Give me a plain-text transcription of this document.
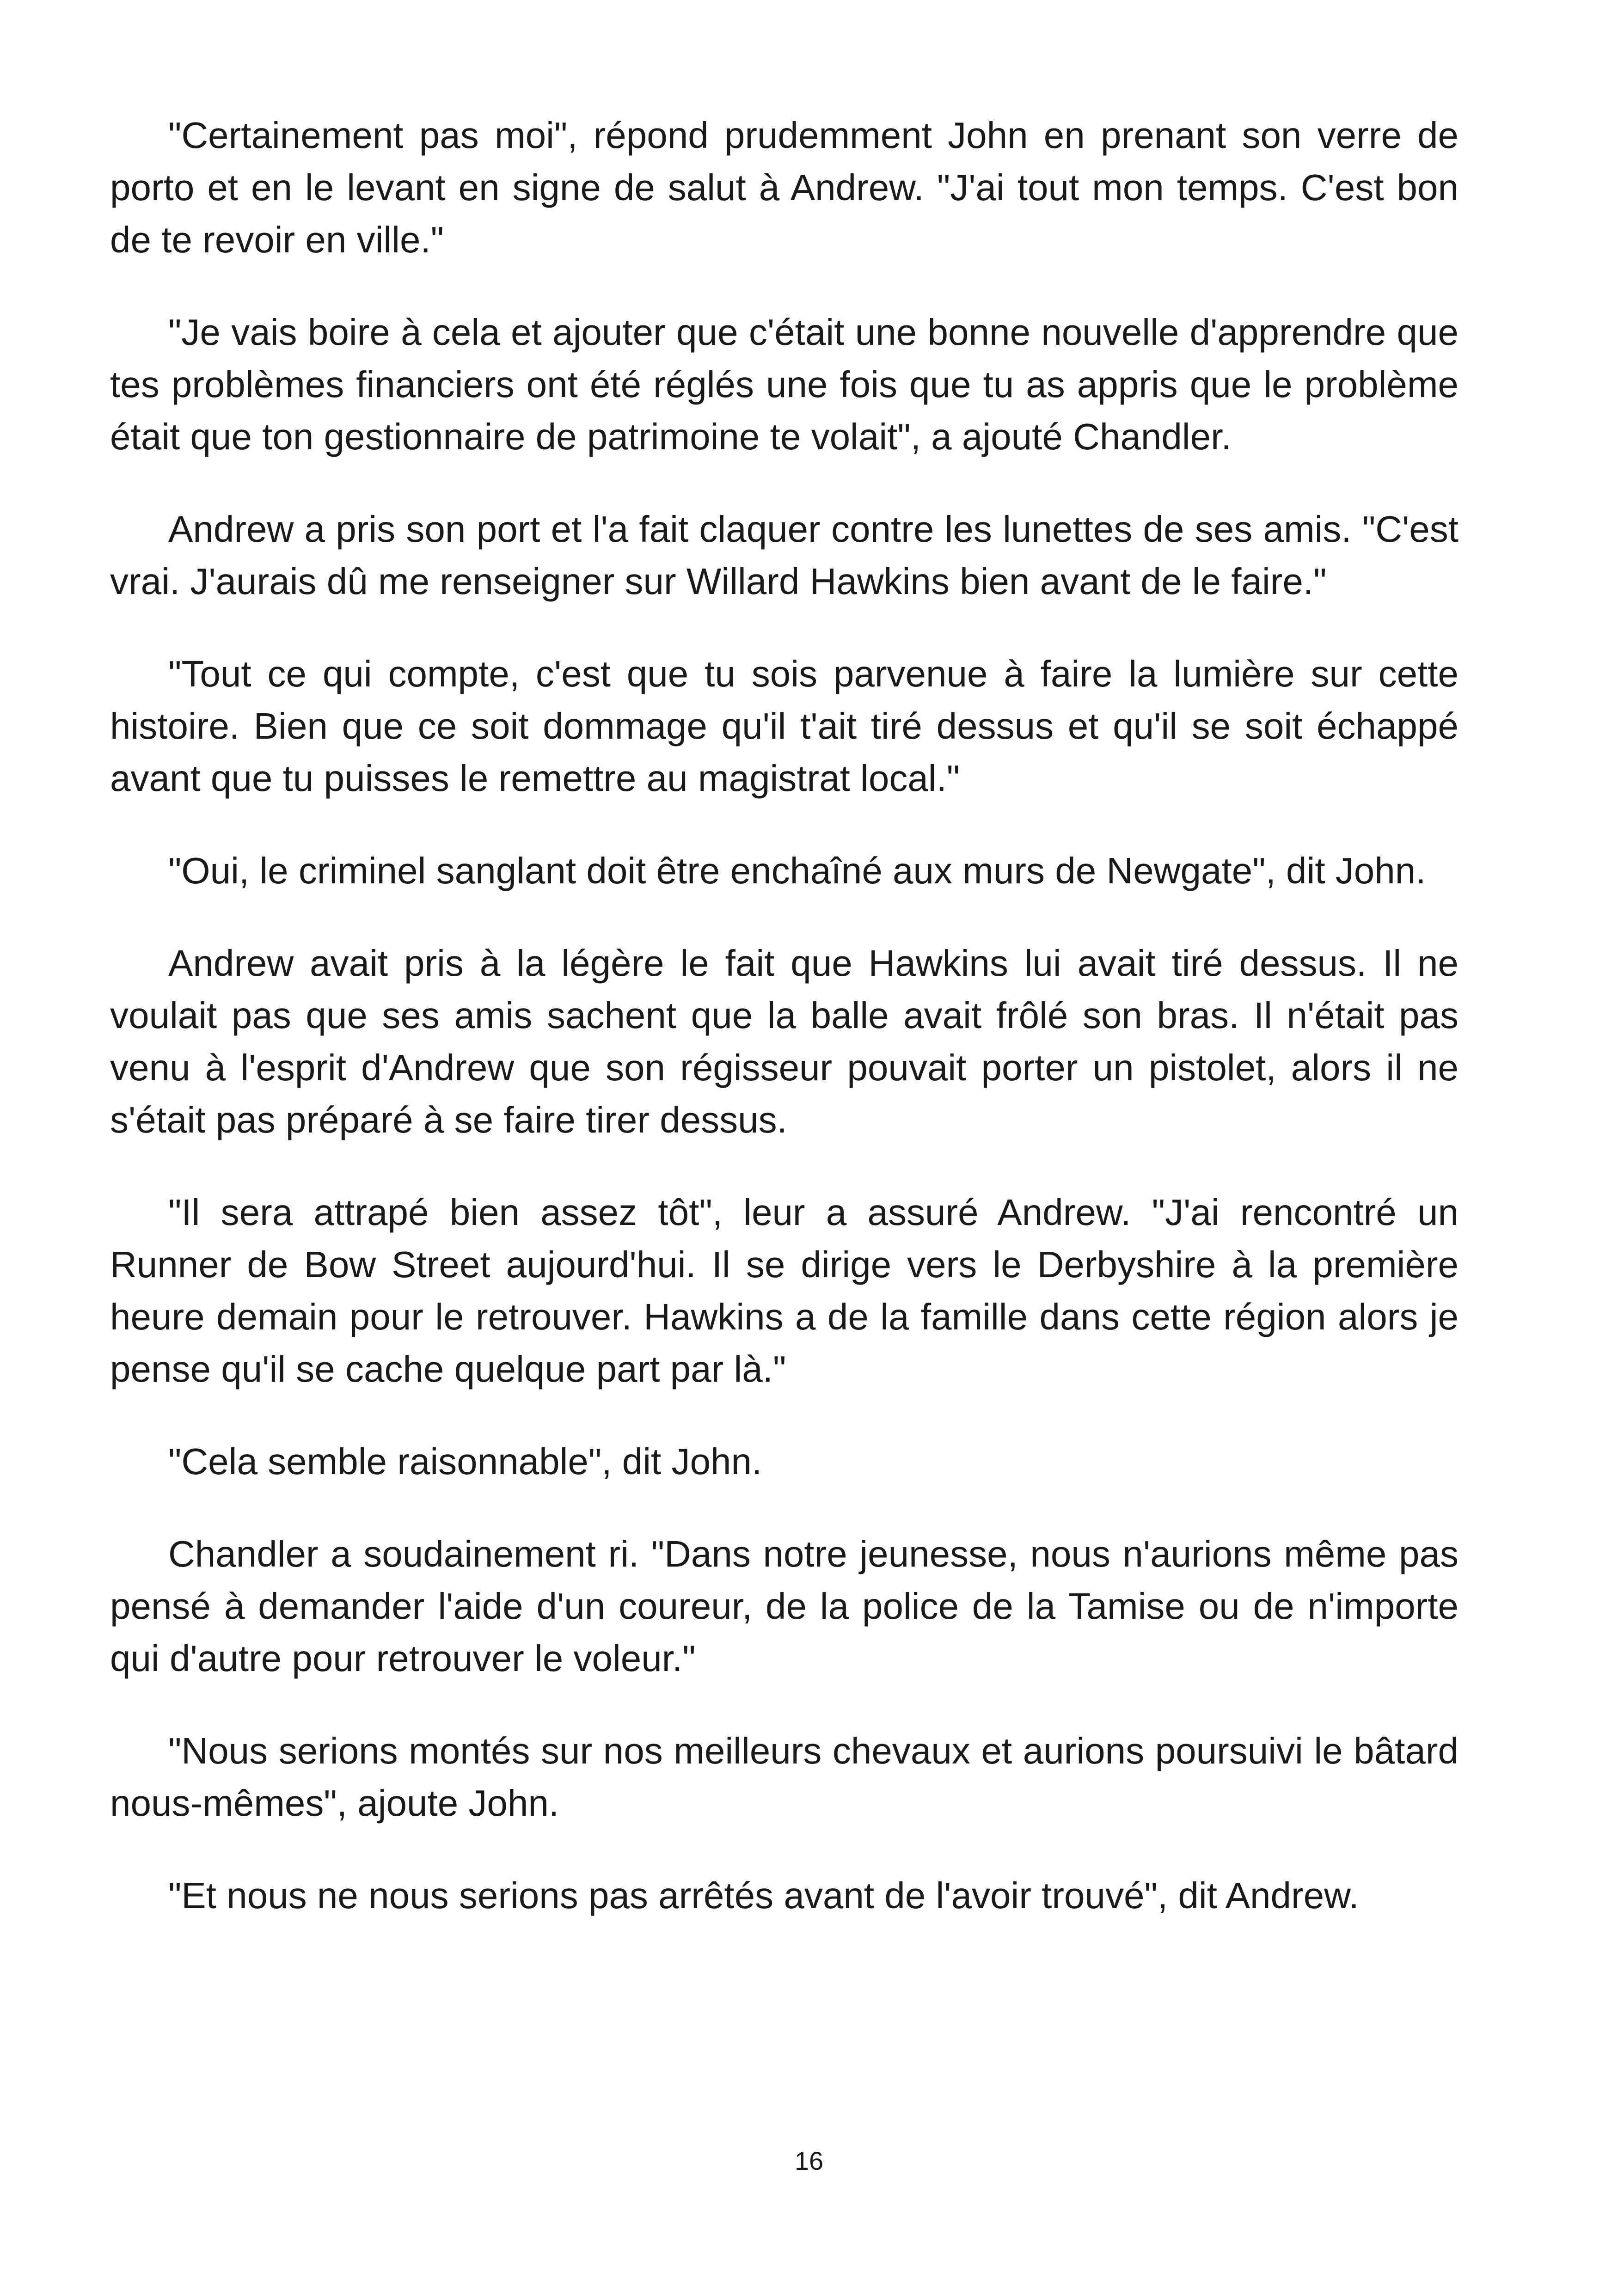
"Certainement pas moi", répond prudemment John en prenant son verre de porto et en le levant en signe de salut à Andrew. "J'ai tout mon temps. C'est bon de te revoir en ville."

"Je vais boire à cela et ajouter que c'était une bonne nouvelle d'apprendre que tes problèmes financiers ont été réglés une fois que tu as appris que le problème était que ton gestionnaire de patrimoine te volait", a ajouté Chandler.

Andrew a pris son port et l'a fait claquer contre les lunettes de ses amis. "C'est vrai. J'aurais dû me renseigner sur Willard Hawkins bien avant de le faire."

"Tout ce qui compte, c'est que tu sois parvenue à faire la lumière sur cette histoire. Bien que ce soit dommage qu'il t'ait tiré dessus et qu'il se soit échappé avant que tu puisses le remettre au magistrat local."

"Oui, le criminel sanglant doit être enchaîné aux murs de Newgate", dit John.

Andrew avait pris à la légère le fait que Hawkins lui avait tiré dessus. Il ne voulait pas que ses amis sachent que la balle avait frôlé son bras. Il n'était pas venu à l'esprit d'Andrew que son régisseur pouvait porter un pistolet, alors il ne s'était pas préparé à se faire tirer dessus.

"Il sera attrapé bien assez tôt", leur a assuré Andrew. "J'ai rencontré un Runner de Bow Street aujourd'hui. Il se dirige vers le Derbyshire à la première heure demain pour le retrouver. Hawkins a de la famille dans cette région alors je pense qu'il se cache quelque part par là."

"Cela semble raisonnable", dit John.

Chandler a soudainement ri. "Dans notre jeunesse, nous n'aurions même pas pensé à demander l'aide d'un coureur, de la police de la Tamise ou de n'importe qui d'autre pour retrouver le voleur."

"Nous serions montés sur nos meilleurs chevaux et aurions poursuivi le bâtard nous-mêmes", ajoute John.

"Et nous ne nous serions pas arrêtés avant de l'avoir trouvé", dit Andrew.

16
